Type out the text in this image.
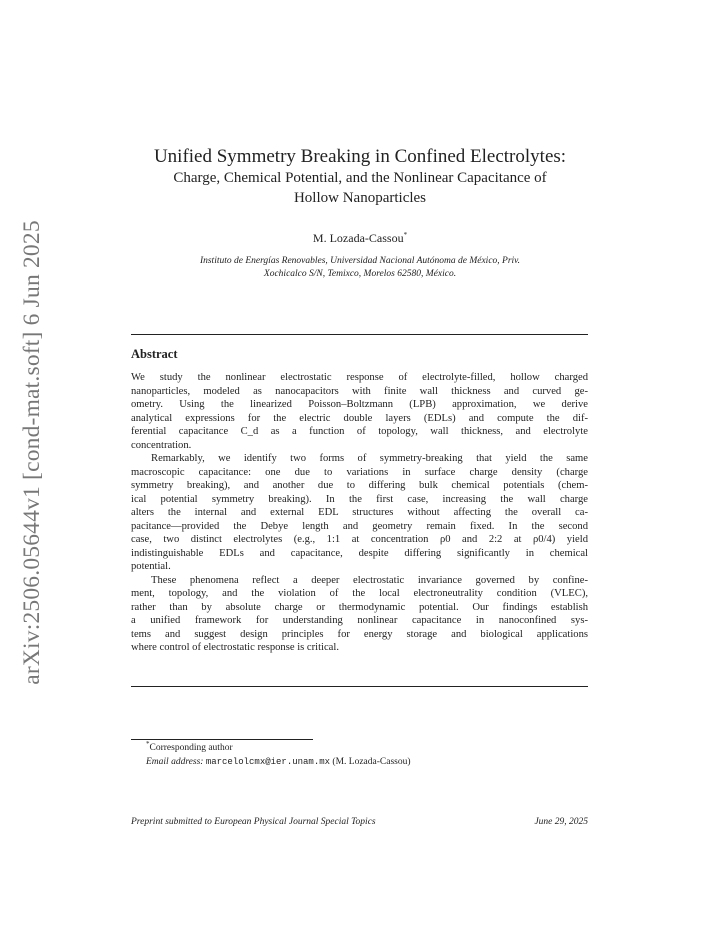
arXiv:2506.05644v1 [cond-mat.soft] 6 Jun 2025
Unified Symmetry Breaking in Confined Electrolytes:
Charge, Chemical Potential, and the Nonlinear Capacitance of
Hollow Nanoparticles
M. Lozada-Cassou*
Instituto de Energías Renovables, Universidad Nacional Autónoma de México, Priv.
Xochicalco S/N, Temixco, Morelos 62580, México.
Abstract
We study the nonlinear electrostatic response of electrolyte-filled, hollow charged
nanoparticles, modeled as nanocapacitors with finite wall thickness and curved ge-
ometry. Using the linearized Poisson–Boltzmann (LPB) approximation, we derive
analytical expressions for the electric double layers (EDLs) and compute the dif-
ferential capacitance C_d as a function of topology, wall thickness, and electrolyte
concentration.
Remarkably, we identify two forms of symmetry-breaking that yield the same
macroscopic capacitance: one due to variations in surface charge density (charge
symmetry breaking), and another due to differing bulk chemical potentials (chem-
ical potential symmetry breaking). In the first case, increasing the wall charge
alters the internal and external EDL structures without affecting the overall ca-
pacitance—provided the Debye length and geometry remain fixed. In the second
case, two distinct electrolytes (e.g., 1:1 at concentration ρ0 and 2:2 at ρ0/4) yield
indistinguishable EDLs and capacitance, despite differing significantly in chemical
potential.
These phenomena reflect a deeper electrostatic invariance governed by confine-
ment, topology, and the violation of the local electroneutrality condition (VLEC),
rather than by absolute charge or thermodynamic potential. Our findings establish
a unified framework for understanding nonlinear capacitance in nanoconfined sys-
tems and suggest design principles for energy storage and biological applications
where control of electrostatic response is critical.
*Corresponding author
Email address: marcelolcmx@ier.unam.mx (M. Lozada-Cassou)
Preprint submitted to European Physical Journal Special Topics	June 29, 2025
